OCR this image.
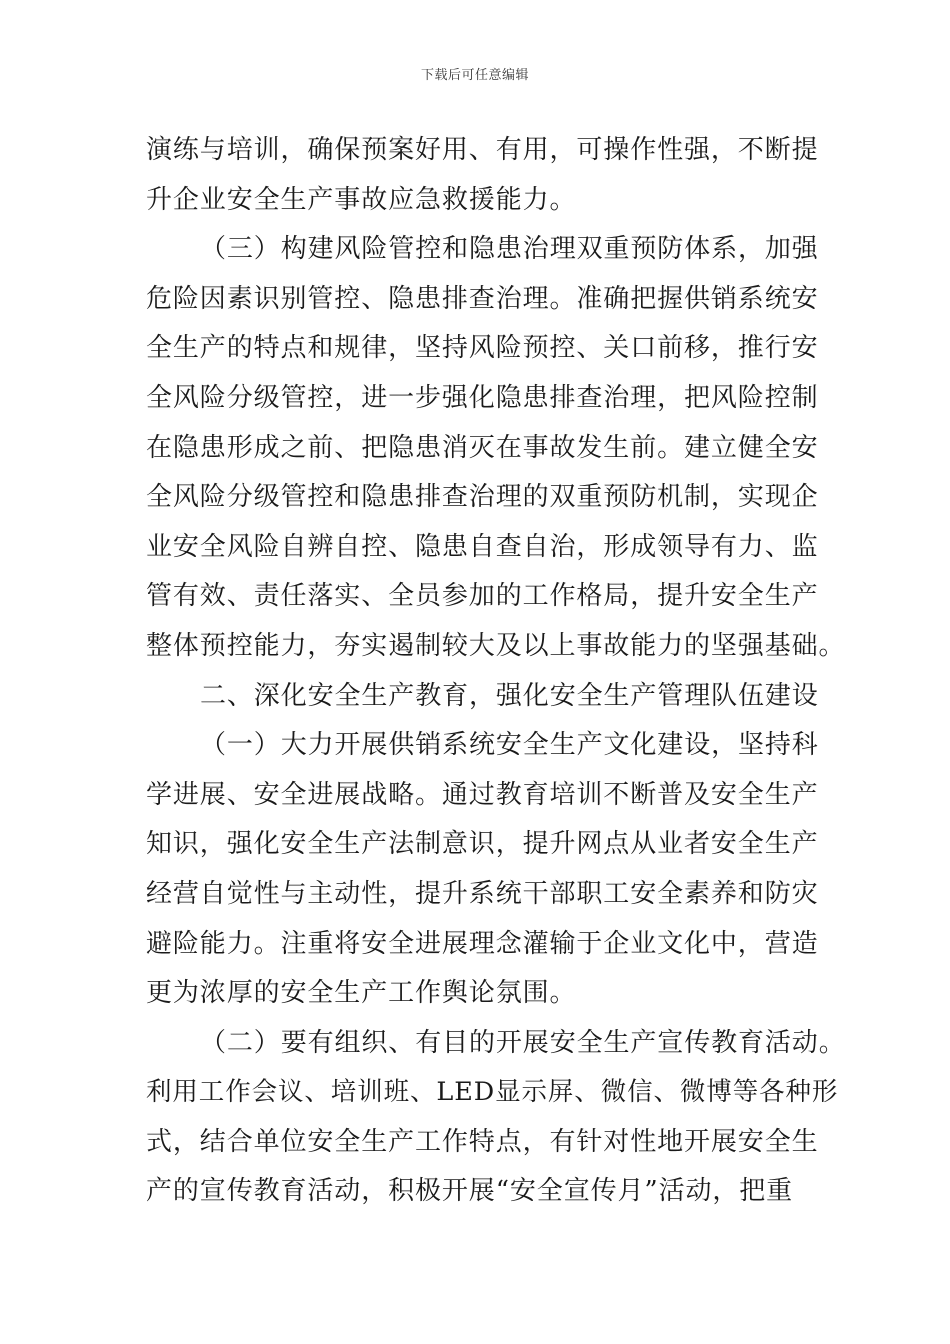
下载后可任意编辑
演练与培训，确保预案好用、有用，可操作性强，不断提
升企业安全生产事故应急救援能力。
（三）构建风险管控和隐患治理双重预防体系，加强
危险因素识别管控、隐患排查治理。准确把握供销系统安
全生产的特点和规律，坚持风险预控、关口前移，推行安
全风险分级管控，进一步强化隐患排查治理，把风险控制
在隐患形成之前、把隐患消灭在事故发生前。建立健全安
全风险分级管控和隐患排查治理的双重预防机制，实现企
业安全风险自辨自控、隐患自查自治，形成领导有力、监
管有效、责任落实、全员参加的工作格局，提升安全生产
整体预控能力，夯实遏制较大及以上事故能力的坚强基础。
二、深化安全生产教育，强化安全生产管理队伍建设
（一）大力开展供销系统安全生产文化建设，坚持科
学进展、安全进展战略。通过教育培训不断普及安全生产
知识，强化安全生产法制意识，提升网点从业者安全生产
经营自觉性与主动性，提升系统干部职工安全素养和防灾
避险能力。注重将安全进展理念灌输于企业文化中，营造
更为浓厚的安全生产工作舆论氛围。
（二）要有组织、有目的开展安全生产宣传教育活动。
利用工作会议、培训班、LED显示屏、微信、微博等各种形
式，结合单位安全生产工作特点，有针对性地开展安全生
产的宣传教育活动，积极开展“安全宣传月”活动，把重
